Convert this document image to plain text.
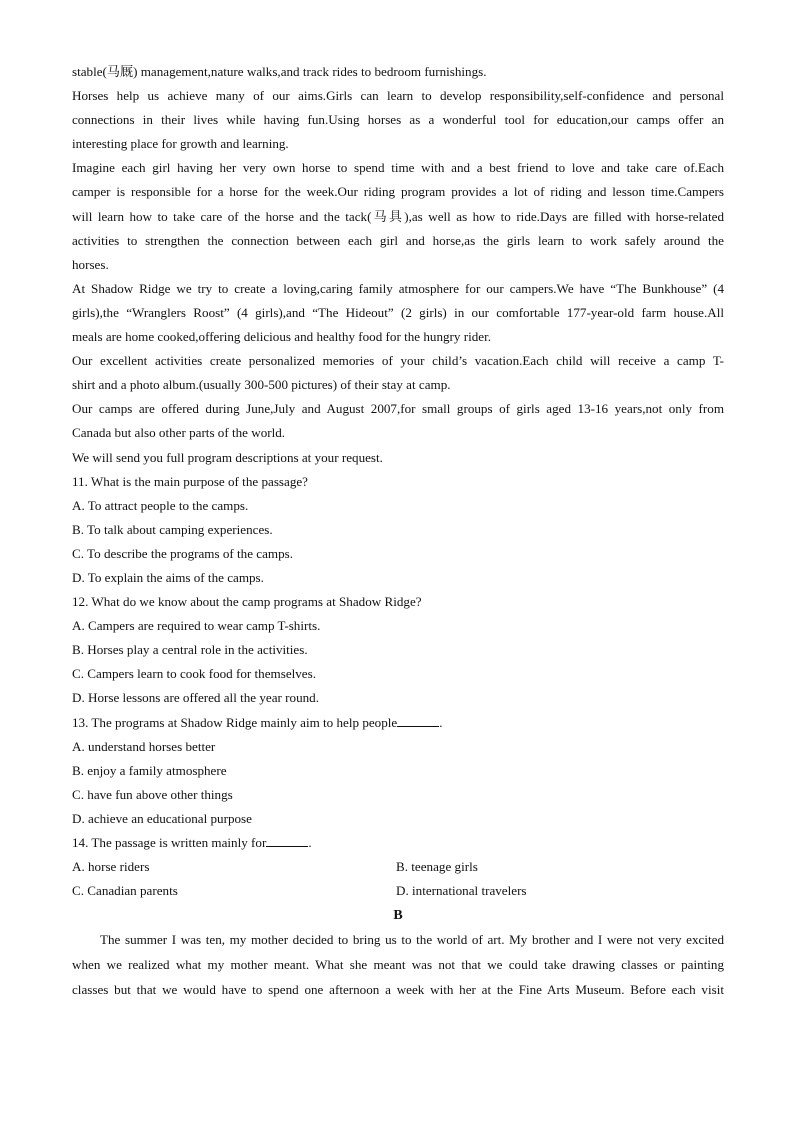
stable(马厩) management,nature walks,and track rides to bedroom furnishings.
Horses help us achieve many of our aims.Girls can learn to develop responsibility,self-confidence and personal
connections in their lives while having fun.Using horses as a wonderful tool for education,our camps offer an
interesting place for growth and learning.
Imagine each girl having her very own horse to spend time with and a best friend to love and take care of.Each
camper is responsible for a horse for the week.Our riding program provides a lot of riding and lesson time.Campers
will learn how to take care of the horse and the tack(马具),as well as how to ride.Days are filled with horse-related
activities to strengthen the connection between each girl and horse,as the girls learn to work safely around the
horses.
At Shadow Ridge we try to create a loving,caring family atmosphere for our campers.We have “The Bunkhouse” (4
girls),the “Wranglers Roost” (4 girls),and “The Hideout” (2 girls) in our comfortable 177-year-old farm house.All
meals are home cooked,offering delicious and healthy food for the hungry rider.
Our excellent activities create personalized memories of your child’s vacation.Each child will receive a camp T-
shirt and a photo album.(usually 300-500 pictures) of their stay at camp.
Our camps are offered during June,July and August 2007,for small groups of girls aged 13-16 years,not only from
Canada but also other parts of the world.
We will send you full program descriptions at your request.
11. What is the main purpose of the passage?
A. To attract people to the camps.
B. To talk about camping experiences.
C. To describe the programs of the camps.
D. To explain the aims of the camps.
12. What do we know about the camp programs at Shadow Ridge?
A. Campers are required to wear camp T-shirts.
B. Horses play a central role in the activities.
C. Campers learn to cook food for themselves.
D. Horse lessons are offered all the year round.
13. The programs at Shadow Ridge mainly aim to help people	.
A. understand horses better
B. enjoy a family atmosphere
C. have fun above other things
D. achieve an educational purpose
14. The passage is written mainly for	.
A. horse riders	B. teenage girls
C. Canadian parents	D. international travelers
B
The summer I was ten, my mother decided to bring us to the world of art. My brother and I were not very excited
when we realized what my mother meant. What she meant was not that we could take drawing classes or painting
classes but that we would have to spend one afternoon a week with her at the Fine Arts Museum. Before each visit
